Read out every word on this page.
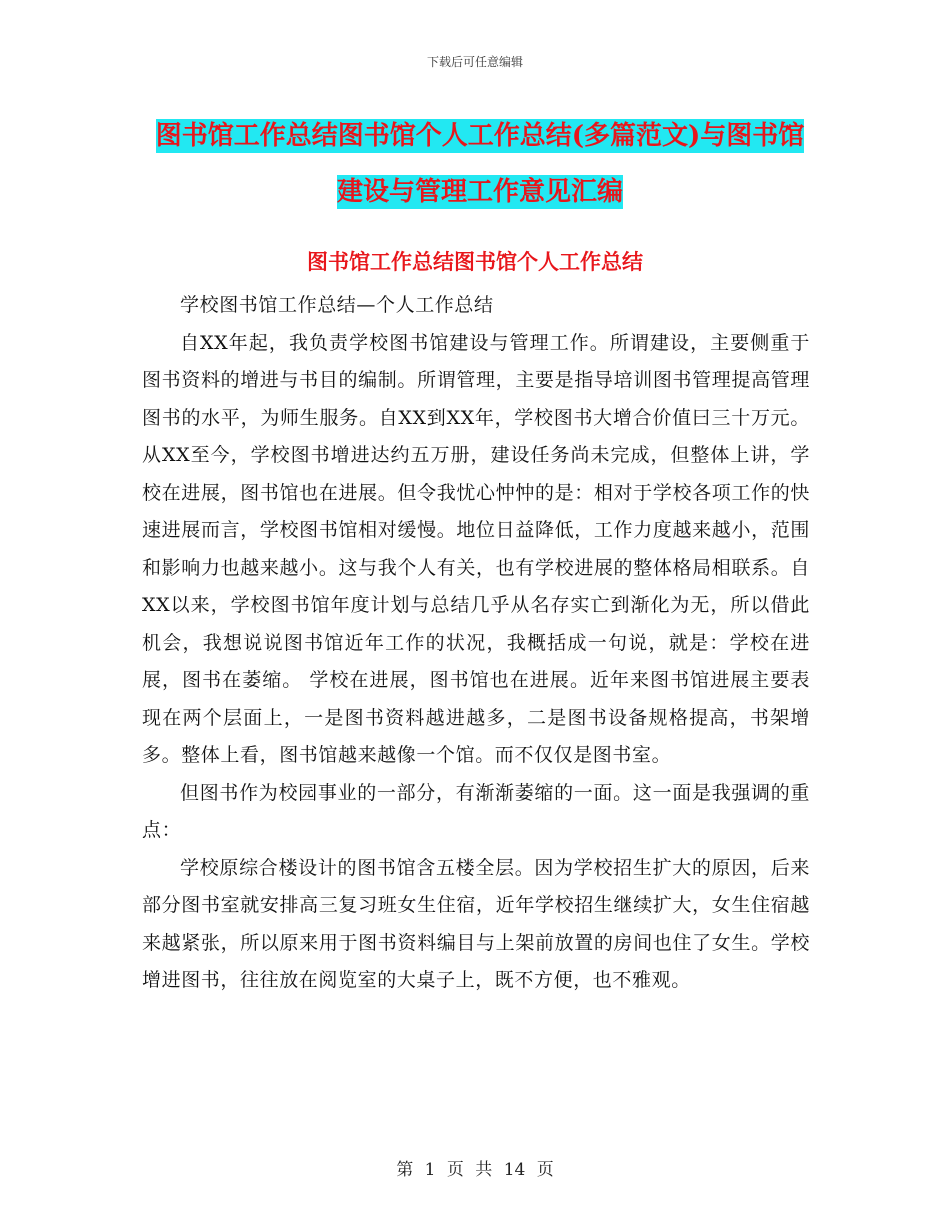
下载后可任意编辑
图书馆工作总结图书馆个人工作总结(多篇范文)与图书馆建设与管理工作意见汇编
图书馆工作总结图书馆个人工作总结

学校图书馆工作总结—个人工作总结

自XX年起，我负责学校图书馆建设与管理工作。所谓建设，主要侧重于图书资料的增进与书目的编制。所谓管理，主要是指导培训图书管理提高管理图书的水平，为师生服务。自XX到XX年，学校图书大增合价值曰三十万元。从XX至今，学校图书增进达约五万册，建设任务尚未完成，但整体上讲，学校在进展，图书馆也在进展。但令我忧心忡忡的是：相对于学校各项工作的快速进展而言，学校图书馆相对缓慢。地位日益降低，工作力度越来越小，范围和影响力也越来越小。这与我个人有关，也有学校进展的整体格局相联系。自XX以来，学校图书馆年度计划与总结几乎从名存实亡到渐化为无，所以借此机会，我想说说图书馆近年工作的状况，我概括成一句说，就是：学校在进展，图书在萎缩。 学校在进展，图书馆也在进展。近年来图书馆进展主要表现在两个层面上，一是图书资料越进越多，二是图书设备规格提高，书架增多。整体上看，图书馆越来越像一个馆。而不仅仅是图书室。

但图书作为校园事业的一部分，有渐渐萎缩的一面。这一面是我强调的重点：

学校原综合楼设计的图书馆含五楼全层。因为学校招生扩大的原因，后来部分图书室就安排高三复习班女生住宿，近年学校招生继续扩大，女生住宿越来越紧张，所以原来用于图书资料编目与上架前放置的房间也住了女生。学校增进图书，往往放在阅览室的大桌子上，既不方便，也不雅观。

第 1 页 共 14 页
